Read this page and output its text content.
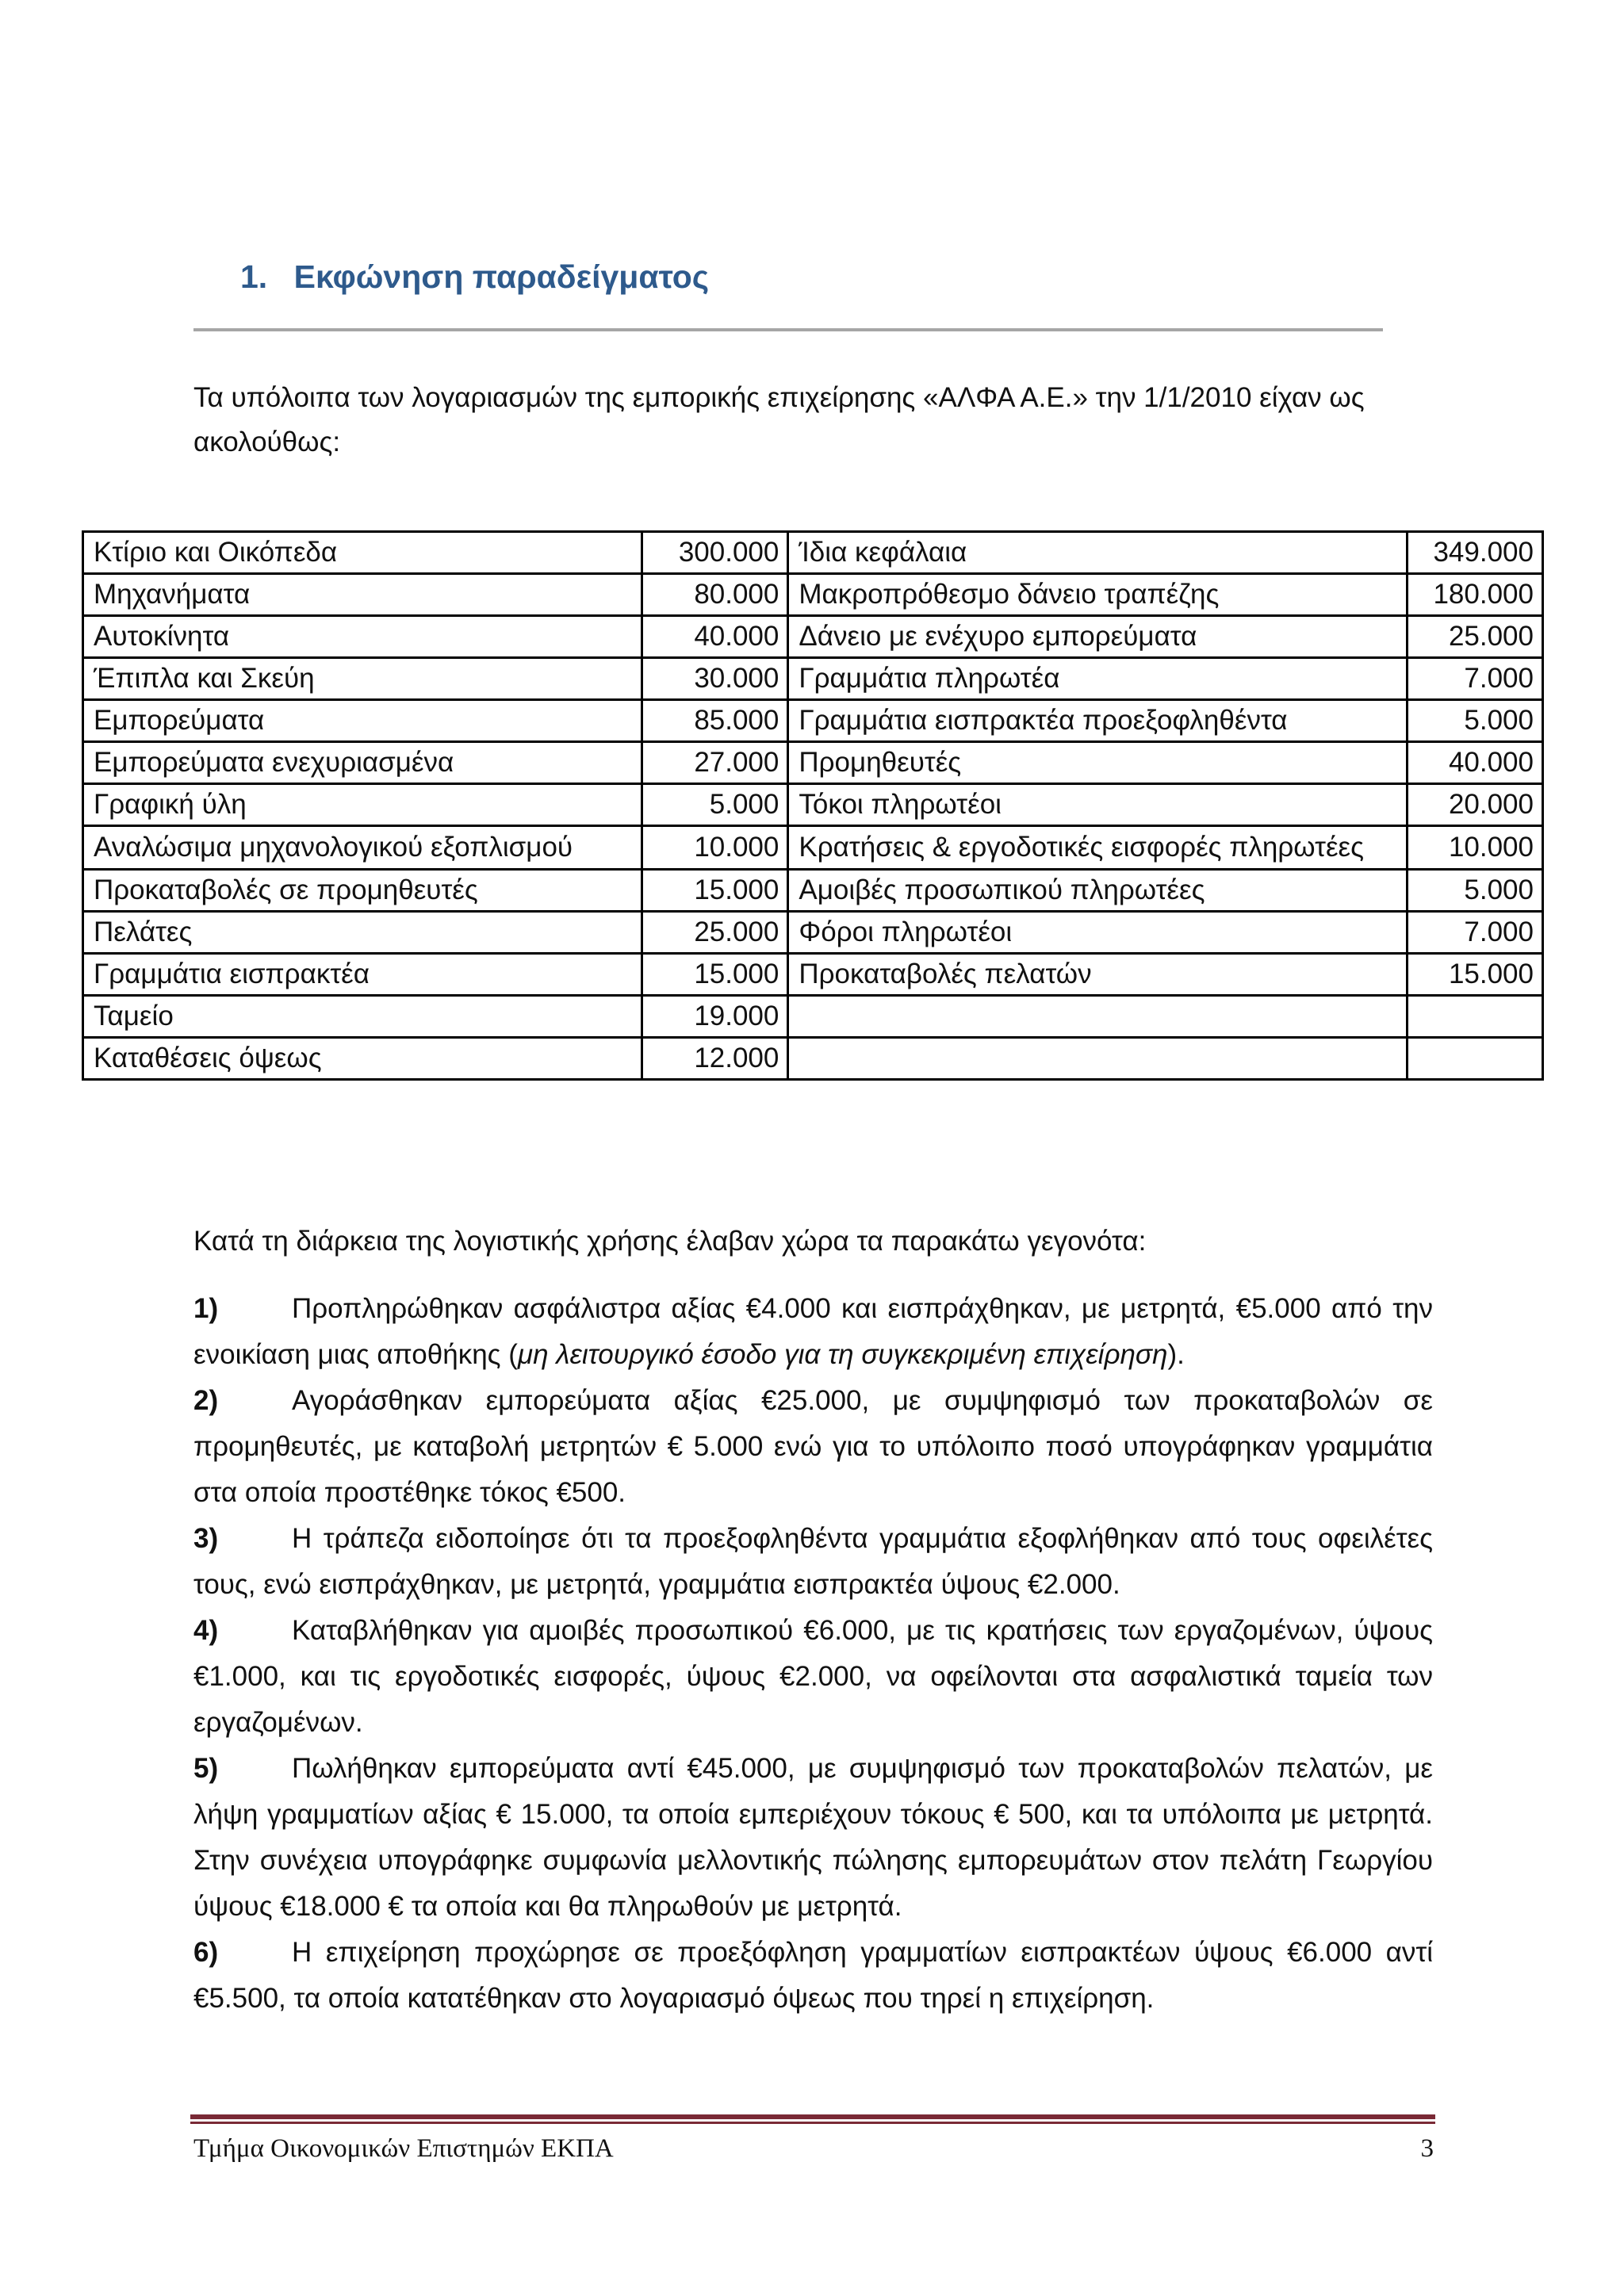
1. Εκφώνηση παραδείγματος
Τα υπόλοιπα των λογαριασμών της εμπορικής επιχείρησης «ΑΛΦΑ Α.Ε.» την 1/1/2010 είχαν ως ακολούθως:
Κτίριο και Οικόπεδα	300.000	Ίδια κεφάλαια	349.000
Μηχανήματα	80.000	Μακροπρόθεσμο δάνειο τραπέζης	180.000
Αυτοκίνητα	40.000	Δάνειο με ενέχυρο εμπορεύματα	25.000
Έπιπλα και Σκεύη	30.000	Γραμμάτια πληρωτέα	7.000
Εμπορεύματα	85.000	Γραμμάτια εισπρακτέα προεξοφληθέντα	5.000
Εμπορεύματα ενεχυριασμένα	27.000	Προμηθευτές	40.000
Γραφική ύλη	5.000	Τόκοι πληρωτέοι	20.000
Αναλώσιμα μηχανολογικού εξοπλισμού	10.000	Κρατήσεις & εργοδοτικές εισφορές πληρωτέες	10.000
Προκαταβολές σε προμηθευτές	15.000	Αμοιβές προσωπικού πληρωτέες	5.000
Πελάτες	25.000	Φόροι πληρωτέοι	7.000
Γραμμάτια εισπρακτέα	15.000	Προκαταβολές πελατών	15.000
Ταμείο	19.000		
Καταθέσεις όψεως	12.000		
Κατά τη διάρκεια της λογιστικής χρήσης έλαβαν χώρα τα παρακάτω γεγονότα:
1)	Προπληρώθηκαν ασφάλιστρα αξίας €4.000 και εισπράχθηκαν, με μετρητά, €5.000 από την ενοικίαση μιας αποθήκης (μη λειτουργικό έσοδο για τη συγκεκριμένη επιχείρηση).
2)	Αγοράσθηκαν εμπορεύματα αξίας €25.000, με συμψηφισμό των προκαταβολών σε προμηθευτές, με καταβολή μετρητών € 5.000 ενώ για το υπόλοιπο ποσό υπογράφηκαν γραμμάτια στα οποία προστέθηκε τόκος €500.
3)	Η τράπεζα ειδοποίησε ότι τα προεξοφληθέντα γραμμάτια εξοφλήθηκαν από τους οφειλέτες τους, ενώ εισπράχθηκαν, με μετρητά, γραμμάτια εισπρακτέα ύψους €2.000.
4)	Καταβλήθηκαν για αμοιβές προσωπικού €6.000, με τις κρατήσεις των εργαζομένων, ύψους €1.000, και τις εργοδοτικές εισφορές, ύψους €2.000, να οφείλονται στα ασφαλιστικά ταμεία των εργαζομένων.
5)	Πωλήθηκαν εμπορεύματα αντί €45.000, με συμψηφισμό των προκαταβολών πελατών, με λήψη γραμματίων αξίας € 15.000, τα οποία εμπεριέχουν τόκους € 500, και τα υπόλοιπα με μετρητά. Στην συνέχεια υπογράφηκε συμφωνία μελλοντικής πώλησης εμπορευμάτων στον πελάτη Γεωργίου ύψους €18.000 € τα οποία και θα πληρωθούν με μετρητά.
6)	Η επιχείρηση προχώρησε σε προεξόφληση γραμματίων εισπρακτέων ύψους €6.000 αντί €5.500, τα οποία κατατέθηκαν στο λογαριασμό όψεως που τηρεί η επιχείρηση.
Τμήμα Οικονομικών Επιστημών ΕΚΠΑ	3
